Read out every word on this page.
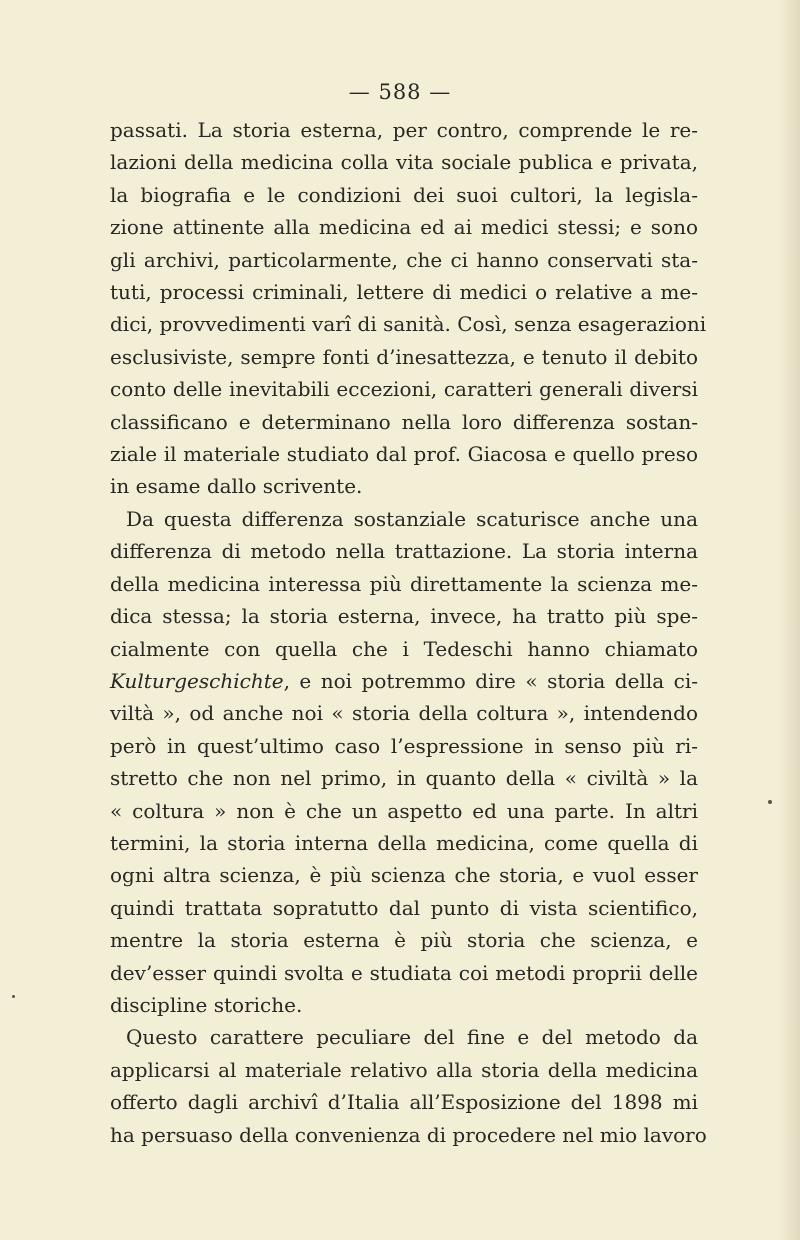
— 588 —
passati. La storia esterna, per contro, comprende le re-
lazioni della medicina colla vita sociale publica e privata,
la biografia e le condizioni dei suoi cultori, la legisla-
zione attinente alla medicina ed ai medici stessi; e sono
gli archivi, particolarmente, che ci hanno conservati sta-
tuti, processi criminali, lettere di medici o relative a me-
dici, provvedimenti varî di sanità. Così, senza esagerazioni
esclusiviste, sempre fonti d’inesattezza, e tenuto il debito
conto delle inevitabili eccezioni, caratteri generali diversi
classificano e determinano nella loro differenza sostan-
ziale il materiale studiato dal prof. Giacosa e quello preso
in esame dallo scrivente.
Da questa differenza sostanziale scaturisce anche una
differenza di metodo nella trattazione. La storia interna
della medicina interessa più direttamente la scienza me-
dica stessa; la storia esterna, invece, ha tratto più spe-
cialmente con quella che i Tedeschi hanno chiamato
Kulturgeschichte, e noi potremmo dire « storia della ci-
viltà », od anche noi « storia della coltura », intendendo
però in quest’ultimo caso l’espressione in senso più ri-
stretto che non nel primo, in quanto della « civiltà » la
« coltura » non è che un aspetto ed una parte. In altri
termini, la storia interna della medicina, come quella di
ogni altra scienza, è più scienza che storia, e vuol esser
quindi trattata sopratutto dal punto di vista scientifico,
mentre la storia esterna è più storia che scienza, e
dev’esser quindi svolta e studiata coi metodi proprii delle
discipline storiche.
Questo carattere peculiare del fine e del metodo da
applicarsi al materiale relativo alla storia della medicina
offerto dagli archivî d’Italia all’Esposizione del 1898 mi
ha persuaso della convenienza di procedere nel mio lavoro
